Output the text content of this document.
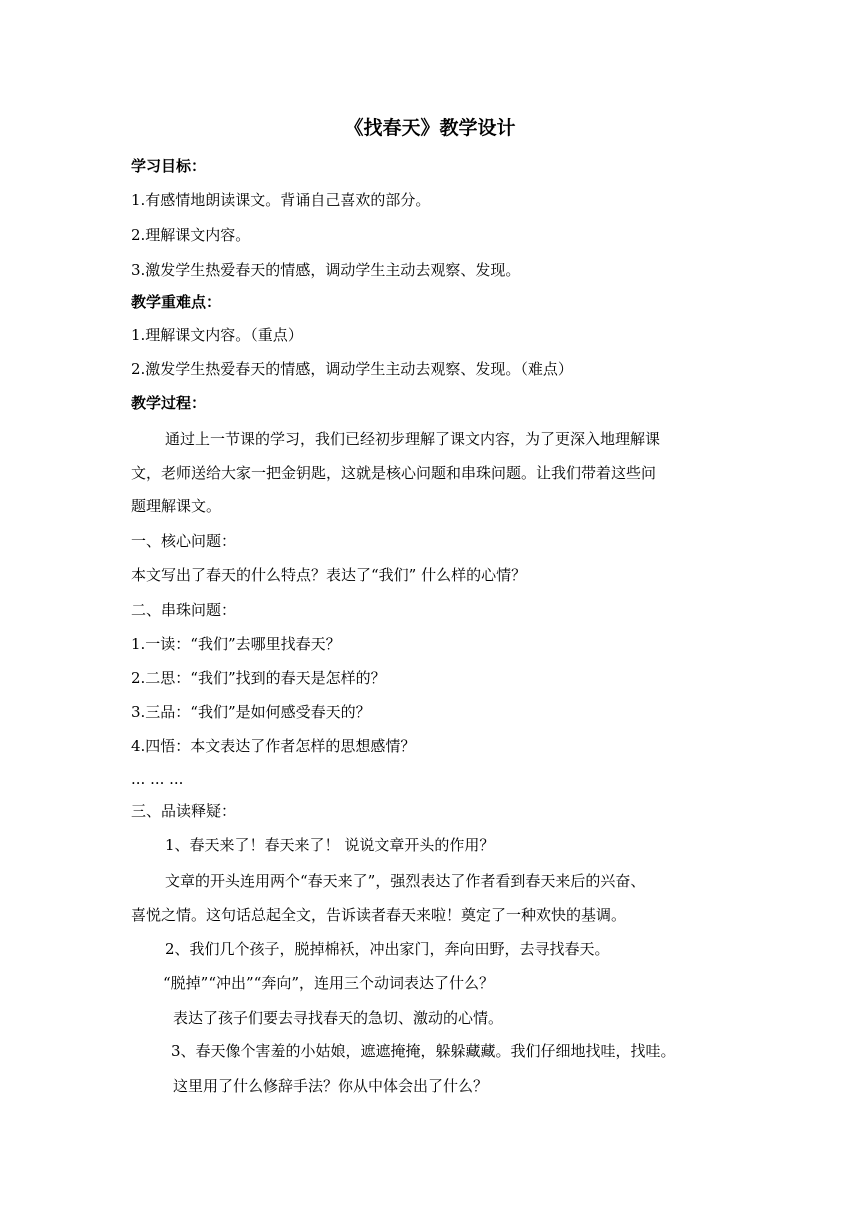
《找春天》教学设计
学习目标：
1.有感情地朗读课文。背诵自己喜欢的部分。
2.理解课文内容。
3.激发学生热爱春天的情感，调动学生主动去观察、发现。
教学重难点：
1.理解课文内容。（重点）
2.激发学生热爱春天的情感，调动学生主动去观察、发现。（难点）
教学过程：
通过上一节课的学习，我们已经初步理解了课文内容，为了更深入地理解课
文，老师送给大家一把金钥匙，这就是核心问题和串珠问题。让我们带着这些问
题理解课文。
一、核心问题：
本文写出了春天的什么特点？表达了“我们” 什么样的心情？
二、串珠问题：
1.一读：“我们”去哪里找春天？
2.二思：“我们”找到的春天是怎样的？
3.三品：“我们”是如何感受春天的？
4.四悟：本文表达了作者怎样的思想感情？
... ... ...
三、品读释疑：
1、春天来了！春天来了！ 说说文章开头的作用？
文章的开头连用两个“春天来了”，强烈表达了作者看到春天来后的兴奋、
喜悦之情。这句话总起全文，告诉读者春天来啦！奠定了一种欢快的基调。
2、我们几个孩子，脱掉棉袄，冲出家门，奔向田野，去寻找春天。
“脱掉”“冲出”“奔向”，连用三个动词表达了什么？
表达了孩子们要去寻找春天的急切、激动的心情。
3、春天像个害羞的小姑娘，遮遮掩掩，躲躲藏藏。我们仔细地找哇，找哇。
这里用了什么修辞手法？你从中体会出了什么？
